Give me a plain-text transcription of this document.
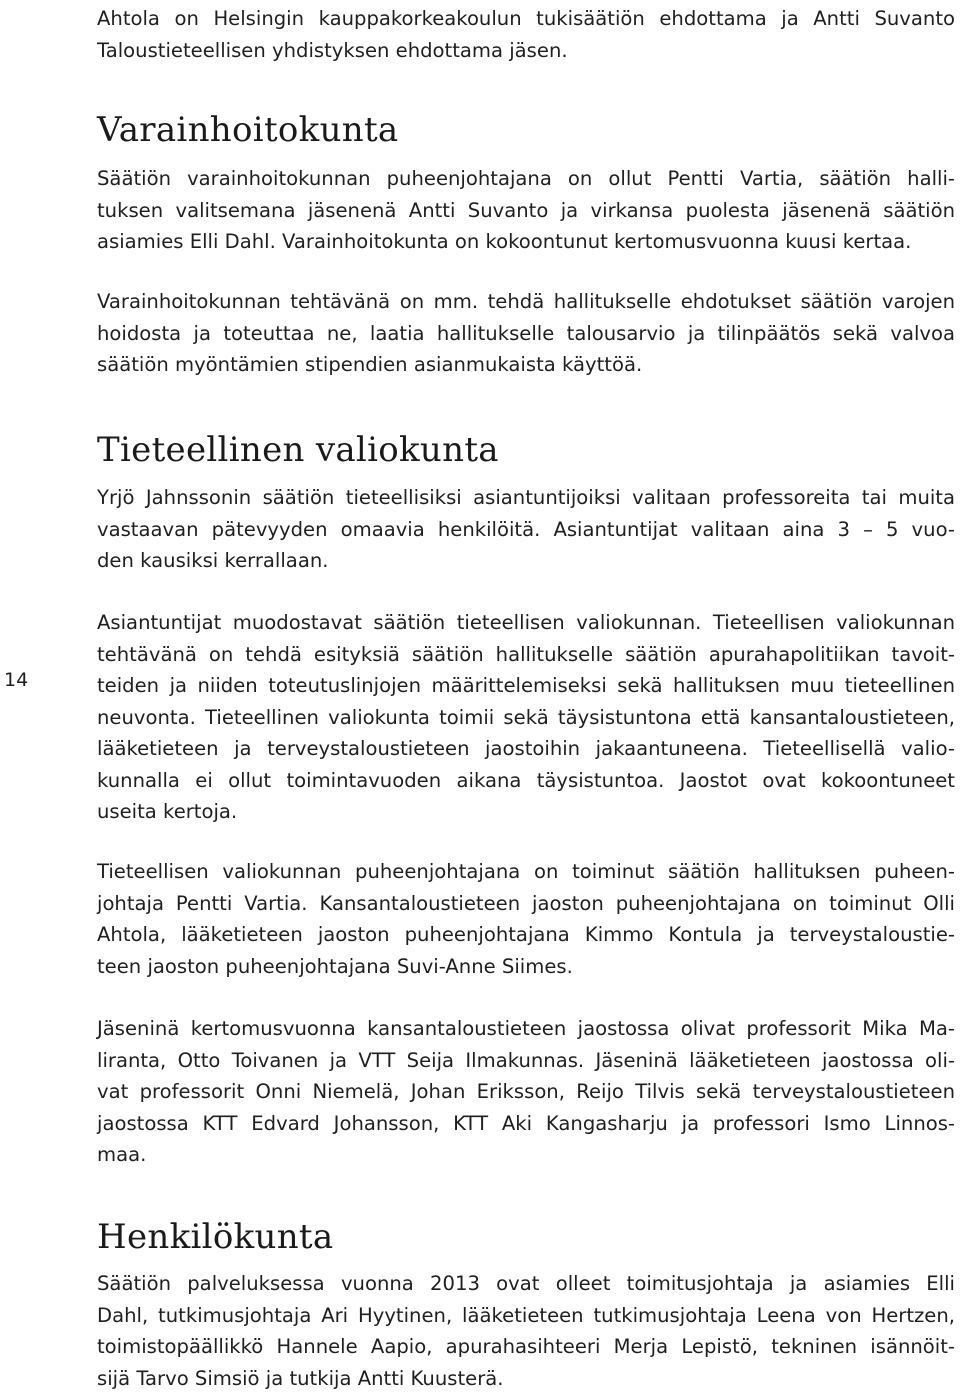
14

Ahtola on Helsingin kauppakorkeakoulun tukisäätiön ehdottama ja Antti Suvanto
Taloustieteellisen yhdistyksen ehdottama jäsen.

Varainhoitokunta

Säätiön varainhoitokunnan puheenjohtajana on ollut Pentti Vartia, säätiön halli-
tuksen valitsemana jäsenenä Antti Suvanto ja virkansa puolesta jäsenenä säätiön
asiamies Elli Dahl. Varainhoitokunta on kokoontunut kertomusvuonna kuusi kertaa.

Varainhoitokunnan tehtävänä on mm. tehdä hallitukselle ehdotukset säätiön varojen
hoidosta ja toteuttaa ne, laatia hallitukselle talousarvio ja tilinpäätös sekä valvoa
säätiön myöntämien stipendien asianmukaista käyttöä.

Tieteellinen valiokunta

Yrjö Jahnssonin säätiön tieteellisiksi asiantuntijoiksi valitaan professoreita tai muita
vastaavan pätevyyden omaavia henkilöitä. Asiantuntijat valitaan aina 3 – 5 vuo-
den kausiksi kerrallaan.

Asiantuntijat muodostavat säätiön tieteellisen valiokunnan. Tieteellisen valiokunnan
tehtävänä on tehdä esityksiä säätiön hallitukselle säätiön apurahapolitiikan tavoit-
teiden ja niiden toteutuslinjojen määrittelemiseksi sekä hallituksen muu tieteellinen
neuvonta. Tieteellinen valiokunta toimii sekä täysistuntona että kansantaloustieteen,
lääketieteen ja terveystaloustieteen jaostoihin jakaantuneena. Tieteellisellä valio-
kunnalla ei ollut toimintavuoden aikana täysistuntoa. Jaostot ovat kokoontuneet
useita kertoja.

Tieteellisen valiokunnan puheenjohtajana on toiminut säätiön hallituksen puheen-
johtaja Pentti Vartia. Kansantaloustieteen jaoston puheenjohtajana on toiminut Olli
Ahtola, lääketieteen jaoston puheenjohtajana Kimmo Kontula ja terveystaloustie-
teen jaoston puheenjohtajana Suvi-Anne Siimes.

Jäseninä kertomusvuonna kansantaloustieteen jaostossa olivat professorit Mika Ma-
liranta, Otto Toivanen ja VTT Seija Ilmakunnas. Jäseninä lääketieteen jaostossa oli-
vat professorit Onni Niemelä, Johan Eriksson, Reijo Tilvis sekä terveystaloustieteen
jaostossa KTT Edvard Johansson, KTT Aki Kangasharju ja professori Ismo Linnos-
maa.

Henkilökunta

Säätiön palveluksessa vuonna 2013 ovat olleet toimitusjohtaja ja asiamies Elli
Dahl, tutkimusjohtaja Ari Hyytinen, lääketieteen tutkimusjohtaja Leena von Hertzen,
toimistopäällikkö Hannele Aapio, apurahasihteeri Merja Lepistö, tekninen isännöit-
sijä Tarvo Simsiö ja tutkija Antti Kuusterä.
